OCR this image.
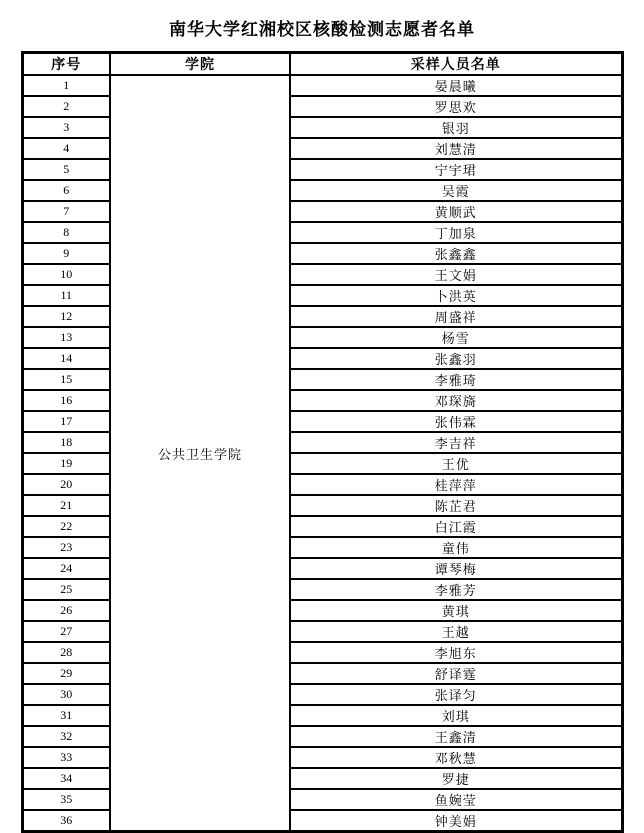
南华大学红湘校区核酸检测志愿者名单
序号	学院	采样人员名单
1	公共卫生学院	晏晨曦
2		罗思欢
3		银羽
4		刘慧清
5		宁宇珺
6		吴霞
7		黄顺武
8		丁加泉
9		张鑫鑫
10		王文娟
11		卜洪英
12		周盛祥
13		杨雪
14		张鑫羽
15		李雅琦
16		邓琛旖
17		张伟霖
18		李吉祥
19		王优
20		桂萍萍
21		陈芷君
22		白江霞
23		童伟
24		谭琴梅
25		李雅芳
26		黄琪
27		王越
28		李旭东
29		舒译霆
30		张译匀
31		刘琪
32		王鑫清
33		邓秋慧
34		罗捷
35		鱼婉莹
36		钟美娟
